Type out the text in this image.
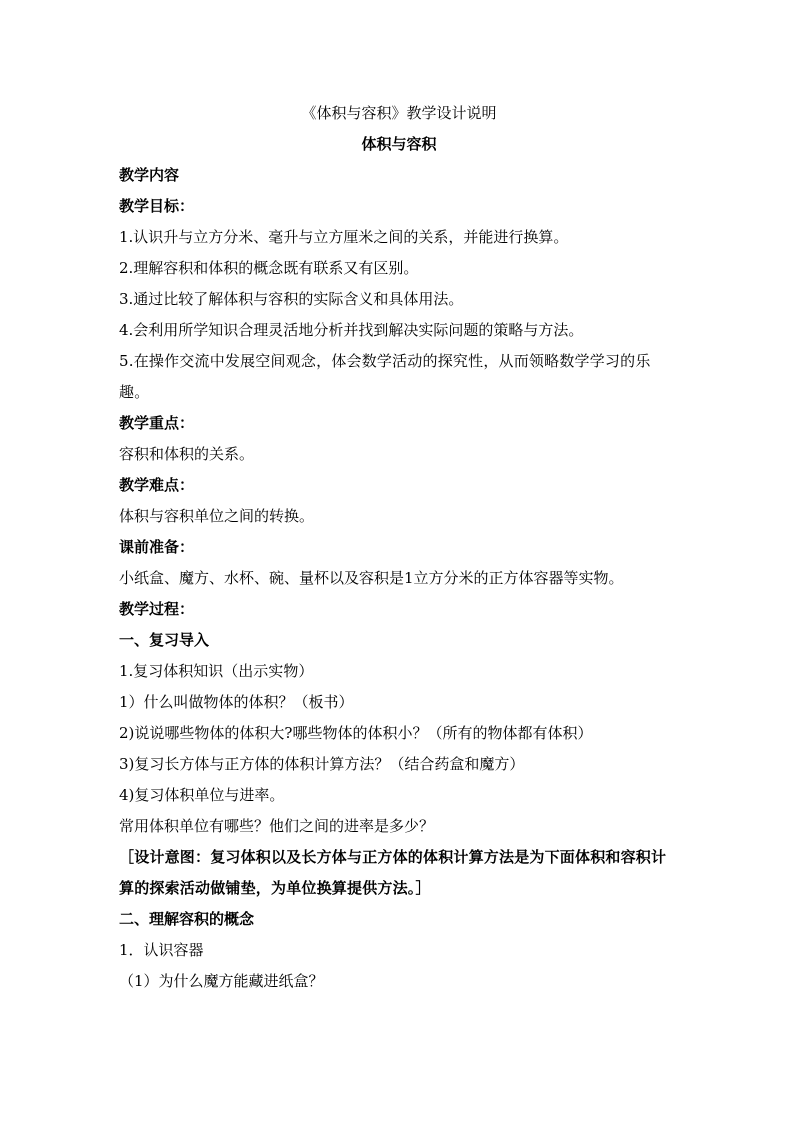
《体积与容积》教学设计说明
体积与容积
教学内容
教学目标：
1.认识升与立方分米、毫升与立方厘米之间的关系，并能进行换算。
2.理解容积和体积的概念既有联系又有区别。
3.通过比较了解体积与容积的实际含义和具体用法。
4.会利用所学知识合理灵活地分析并找到解决实际问题的策略与方法。
5.在操作交流中发展空间观念，体会数学活动的探究性，从而领略数学学习的乐趣。
教学重点：
容积和体积的关系。
教学难点：
体积与容积单位之间的转换。
课前准备：
小纸盒、魔方、水杯、碗、量杯以及容积是1立方分米的正方体容器等实物。
教学过程：
一、复习导入
1.复习体积知识（出示实物）
1）什么叫做物体的体积？（板书）
2)说说哪些物体的体积大?哪些物体的体积小？（所有的物体都有体积）
3)复习长方体与正方体的体积计算方法？（结合药盒和魔方）
4)复习体积单位与进率。
常用体积单位有哪些？他们之间的进率是多少？
［设计意图：复习体积以及长方体与正方体的体积计算方法是为下面体积和容积计算的探索活动做铺垫，为单位换算提供方法。］
二、理解容积的概念
1．认识容器
（1）为什么魔方能藏进纸盒？
